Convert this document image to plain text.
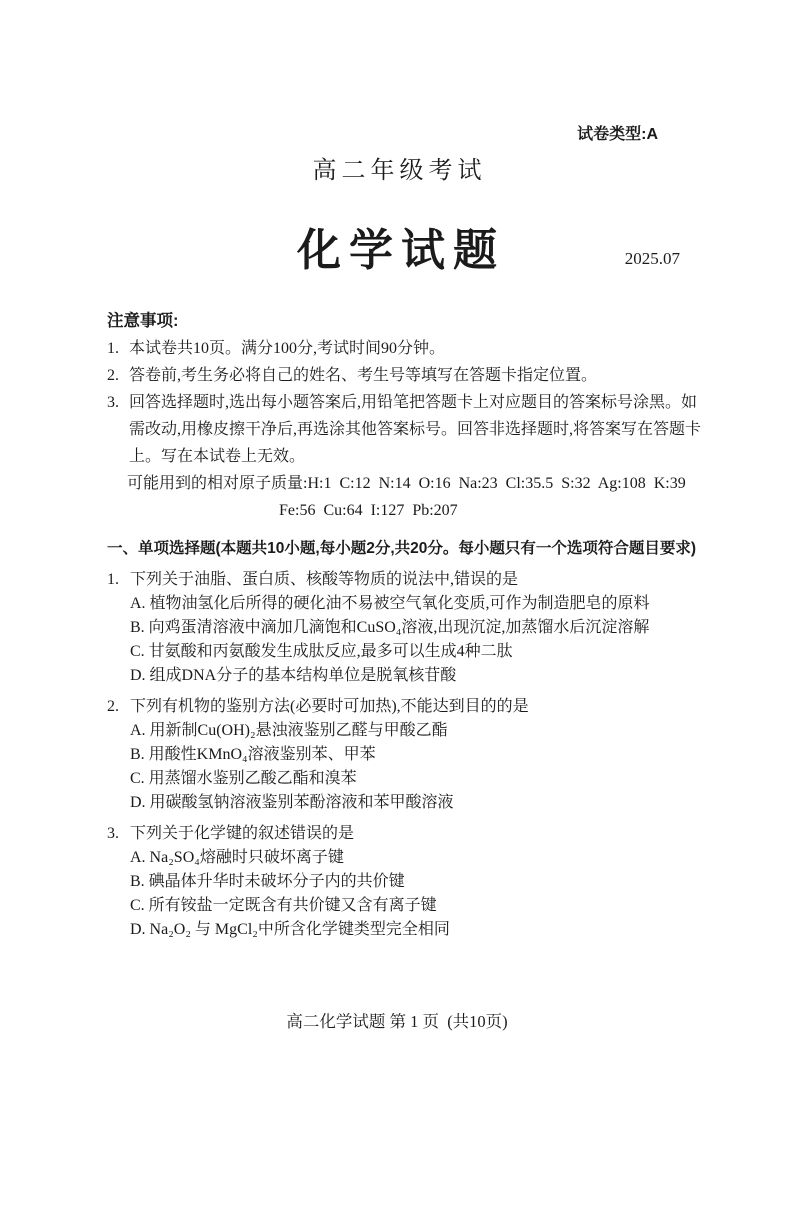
试卷类型:A
高二年级考试
化学试题	2025.07
注意事项:
1. 本试卷共10页。满分100分,考试时间90分钟。
2. 答卷前,考生务必将自己的姓名、考生号等填写在答题卡指定位置。
3. 回答选择题时,选出每小题答案后,用铅笔把答题卡上对应题目的答案标号涂黑。如需改动,用橡皮擦干净后,再选涂其他答案标号。回答非选择题时,将答案写在答题卡上。写在本试卷上无效。
可能用到的相对原子质量:H:1  C:12  N:14  O:16  Na:23  Cl:35.5  S:32  Ag:108  K:39
Fe:56  Cu:64  I:127  Pb:207
一、单项选择题(本题共10小题,每小题2分,共20分。每小题只有一个选项符合题目要求)
1. 下列关于油脂、蛋白质、核酸等物质的说法中,错误的是
A. 植物油氢化后所得的硬化油不易被空气氧化变质,可作为制造肥皂的原料
B. 向鸡蛋清溶液中滴加几滴饱和CuSO₄溶液,出现沉淀,加蒸馏水后沉淀溶解
C. 甘氨酸和丙氨酸发生成肽反应,最多可以生成4种二肽
D. 组成DNA分子的基本结构单位是脱氧核苷酸
2. 下列有机物的鉴别方法(必要时可加热),不能达到目的的是
A. 用新制Cu(OH)₂悬浊液鉴别乙醛与甲酸乙酯
B. 用酸性KMnO₄溶液鉴别苯、甲苯
C. 用蒸馏水鉴别乙酸乙酯和溴苯
D. 用碳酸氢钠溶液鉴别苯酚溶液和苯甲酸溶液
3. 下列关于化学键的叙述错误的是
A. Na₂SO₄熔融时只破坏离子键
B. 碘晶体升华时未破坏分子内的共价键
C. 所有铵盐一定既含有共价键又含有离子键
D. Na₂O₂ 与 MgCl₂中所含化学键类型完全相同
高二化学试题 第 1 页  (共10页)
